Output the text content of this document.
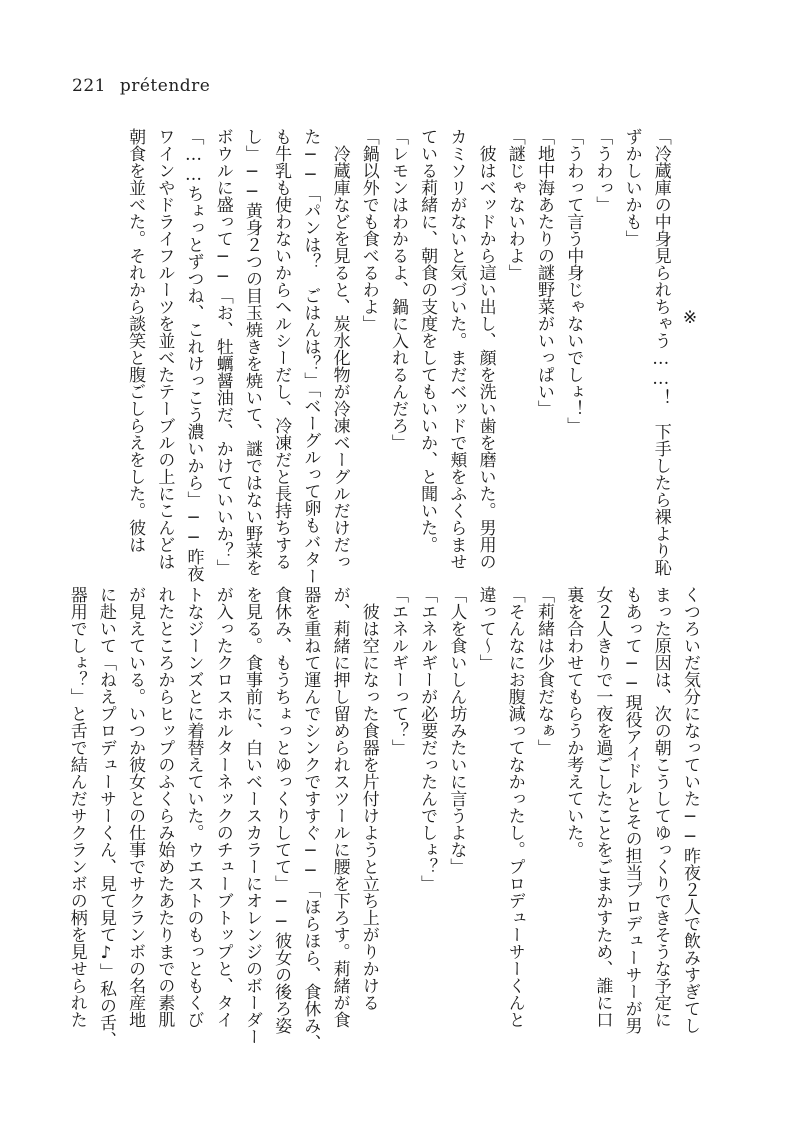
221 prétendre
※
「冷蔵庫の中身見られちゃう……！　下手したら裸より恥
ずかしいかも」
「うわっ」
「うわって言う中身じゃないでしょ！」
「地中海あたりの謎野菜がいっぱい」
「謎じゃないわよ」
　彼はベッドから這い出し、顔を洗い歯を磨いた。男用の
カミソリがないと気づいた。まだベッドで頬をふくらませ
ている莉緒に、朝食の支度をしてもいいか、と聞いた。
「レモンはわかるよ、鍋に入れるんだろ」
「鍋以外でも食べるわよ」
　冷蔵庫などを見ると、炭水化物が冷凍ベーグルだけだっ
た──「パンは？　ごはんは？」「ベーグルって卵もバター
も牛乳も使わないからヘルシーだし、冷凍だと長持ちする
し」──黄身２つの目玉焼きを焼いて、謎ではない野菜を
ボウルに盛って──「お、牡蠣醤油だ、かけていいか？」
「……ちょっとずつね、これけっこう濃いから」──昨夜
ワインやドライフルーツを並べたテーブルの上にこんどは
朝食を並べた。それから談笑と腹ごしらえをした。彼は
くつろいだ気分になっていた──昨夜２人で飲みすぎてし
まった原因は、次の朝こうしてゆっくりできそうな予定に
もあって──現役アイドルとその担当プロデューサーが男
女２人きりで一夜を過ごしたことをごまかすため、誰に口
裏を合わせてもらうか考えていた。
「莉緒は少食だなぁ」
「そんなにお腹減ってなかったし。プロデューサーくんと
違って～」
「人を食いしん坊みたいに言うよな」
「エネルギーが必要だったんでしょ？」
「エネルギーって？」
　彼は空になった食器を片付けようと立ち上がりかける
が、莉緒に押し留められスツールに腰を下ろす。莉緒が食
器を重ねて運んでシンクですすぐ──「ほらほら、食休み、
食休み、もうちょっとゆっくりしてて」──彼女の後ろ姿
を見る。食事前に、白いベースカラーにオレンジのボーダー
が入ったクロスホルターネックのチューブトップと、タイ
トなジーンズとに着替えていた。ウエストのもっともくび
れたところからヒップのふくらみ始めたあたりまでの素肌
が見えている。いつか彼女との仕事でサクランボの名産地
に赴いて「ねえプロデューサーくん、見て見て♪」私の舌、
器用でしょ？」と舌で結んだサクランボの柄を見せられた
